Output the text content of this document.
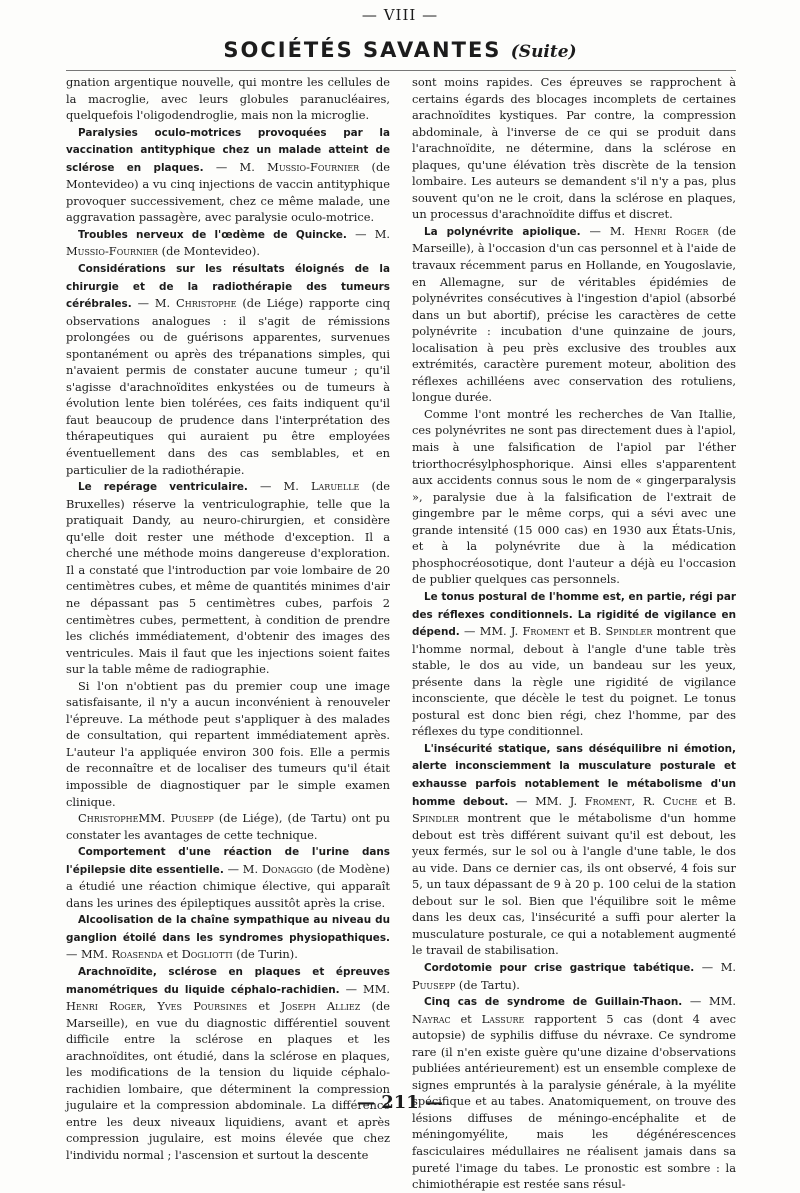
— VIII —
SOCIÉTÉS SAVANTES (Suite)

gnation argentique nouvelle, qui montre les cellules de la macroglie, avec leurs globules paranucléaires, quelquefois l'oligodendroglie, mais non la microglie.

Paralysies oculo-motrices provoquées par la vaccination antityphique chez un malade atteint de sclérose en plaques. — M. Mussio-Fournier (de Montevideo) a vu cinq injections de vaccin antityphique provoquer successivement, chez ce même malade, une aggravation passagère, avec paralysie oculo-motrice.

Troubles nerveux de l'œdème de Quincke. — M. Mussio-Fournier (de Montevideo).

Considérations sur les résultats éloignés de la chirurgie et de la radiothérapie des tumeurs cérébrales. — M. Christophe (de Liége) rapporte cinq observations analogues : il s'agit de rémissions prolongées ou de guérisons apparentes, survenues spontanément ou après des trépanations simples, qui n'avaient permis de constater aucune tumeur ; qu'il s'agisse d'arachnoïdites enkystées ou de tumeurs à évolution lente bien tolérées, ces faits indiquent qu'il faut beaucoup de prudence dans l'interprétation des thérapeutiques qui auraient pu être employées éventuellement dans des cas semblables, et en particulier de la radiothérapie.

Le repérage ventriculaire. — M. Laruelle (de Bruxelles) réserve la ventriculographie, telle que la pratiquait Dandy, au neuro-chirurgien, et considère qu'elle doit rester une méthode d'exception. Il a cherché une méthode moins dangereuse d'exploration. Il a constaté que l'introduction par voie lombaire de 20 centimètres cubes, et même de quantités minimes d'air ne dépassant pas 5 centimètres cubes, parfois 2 centimètres cubes, permettent, à condition de prendre les clichés immédiatement, d'obtenir des images des ventricules. Mais il faut que les injections soient faites sur la table même de radiographie.

Si l'on n'obtient pas du premier coup une image satisfaisante, il n'y a aucun inconvénient à renouveler l'épreuve. La méthode peut s'appliquer à des malades de consultation, qui repartent immédiatement après. L'auteur l'a appliquée environ 300 fois. Elle a permis de reconnaître et de localiser des tumeurs qu'il était impossible de diagnostiquer par le simple examen clinique.

ChristopheMM. Puusepp (de Liége), (de Tartu) ont pu constater les avantages de cette technique.

Comportement d'une réaction de l'urine dans l'épilepsie dite essentielle. — M. Donaggio (de Modène) a étudié une réaction chimique élective, qui apparaît dans les urines des épileptiques aussitôt après la crise.

Alcoolisation de la chaîne sympathique au niveau du ganglion étoilé dans les syndromes physiopathiques. — MM. Roasenda et Dogliotti (de Turin).

Arachnoïdite, sclérose en plaques et épreuves manométriques du liquide céphalo-rachidien. — MM. Henri Roger, Yves Poursines et Joseph Alliez (de Marseille), en vue du diagnostic différentiel souvent difficile entre la sclérose en plaques et les arachnoïdites, ont étudié, dans la sclérose en plaques, les modifications de la tension du liquide céphalo-rachidien lombaire, que déterminent la compression jugulaire et la compression abdominale. La différence entre les deux niveaux liquidiens, avant et après compression jugulaire, est moins élevée que chez l'individu normal ; l'ascension et surtout la descente

sont moins rapides. Ces épreuves se rapprochent à certains égards des blocages incomplets de certaines arachnoïdites kystiques. Par contre, la compression abdominale, à l'inverse de ce qui se produit dans l'arachnoïdite, ne détermine, dans la sclérose en plaques, qu'une élévation très discrète de la tension lombaire. Les auteurs se demandent s'il n'y a pas, plus souvent qu'on ne le croit, dans la sclérose en plaques, un processus d'arachnoïdite diffus et discret.

La polynévrite apiolique. — M. Henri Roger (de Marseille), à l'occasion d'un cas personnel et à l'aide de travaux récemment parus en Hollande, en Yougoslavie, en Allemagne, sur de véritables épidémies de polynévrites consécutives à l'ingestion d'apiol (absorbé dans un but abortif), précise les caractères de cette polynévrite : incubation d'une quinzaine de jours, localisation à peu près exclusive des troubles aux extrémités, caractère purement moteur, abolition des réflexes achilléens avec conservation des rotuliens, longue durée.

Comme l'ont montré les recherches de Van Itallie, ces polynévrites ne sont pas directement dues à l'apiol, mais à une falsification de l'apiol par l'éther triorthocrésylphosphorique. Ainsi elles s'apparentent aux accidents connus sous le nom de « gingerparalysis », paralysie due à la falsification de l'extrait de gingembre par le même corps, qui a sévi avec une grande intensité (15 000 cas) en 1930 aux États-Unis, et à la polynévrite due à la médication phosphocréosotique, dont l'auteur a déjà eu l'occasion de publier quelques cas personnels.

Le tonus postural de l'homme est, en partie, régi par des réflexes conditionnels. La rigidité de vigilance en dépend. — MM. J. Froment et B. Spindler montrent que l'homme normal, debout à l'angle d'une table très stable, le dos au vide, un bandeau sur les yeux, présente dans la règle une rigidité de vigilance inconsciente, que décèle le test du poignet. Le tonus postural est donc bien régi, chez l'homme, par des réflexes du type conditionnel.

L'insécurité statique, sans déséquilibre ni émotion, alerte inconsciemment la musculature posturale et exhausse parfois notablement le métabolisme d'un homme debout. — MM. J. Froment, R. Cuche et B. Spindler montrent que le métabolisme d'un homme debout est très différent suivant qu'il est debout, les yeux fermés, sur le sol ou à l'angle d'une table, le dos au vide. Dans ce dernier cas, ils ont observé, 4 fois sur 5, un taux dépassant de 9 à 20 p. 100 celui de la station debout sur le sol. Bien que l'équilibre soit le même dans les deux cas, l'insécurité a suffi pour alerter la musculature posturale, ce qui a notablement augmenté le travail de stabilisation.

Cordotomie pour crise gastrique tabétique. — M. Puusepp (de Tartu).

Cinq cas de syndrome de Guillain-Thaon. — MM. Nayrac et Lassure rapportent 5 cas (dont 4 avec autopsie) de syphilis diffuse du névraxe. Ce syndrome rare (il n'en existe guère qu'une dizaine d'observations publiées antérieurement) est un ensemble complexe de signes empruntés à la paralysie générale, à la myélite spécifique et au tabes. Anatomiquement, on trouve des lésions diffuses de méningo-encéphalite et de méningomyélite, mais les dégénérescences fasciculaires médullaires ne réalisent jamais dans sa pureté l'image du tabes. Le pronostic est sombre : la chimiothérapie est restée sans résul-

— 211 —
